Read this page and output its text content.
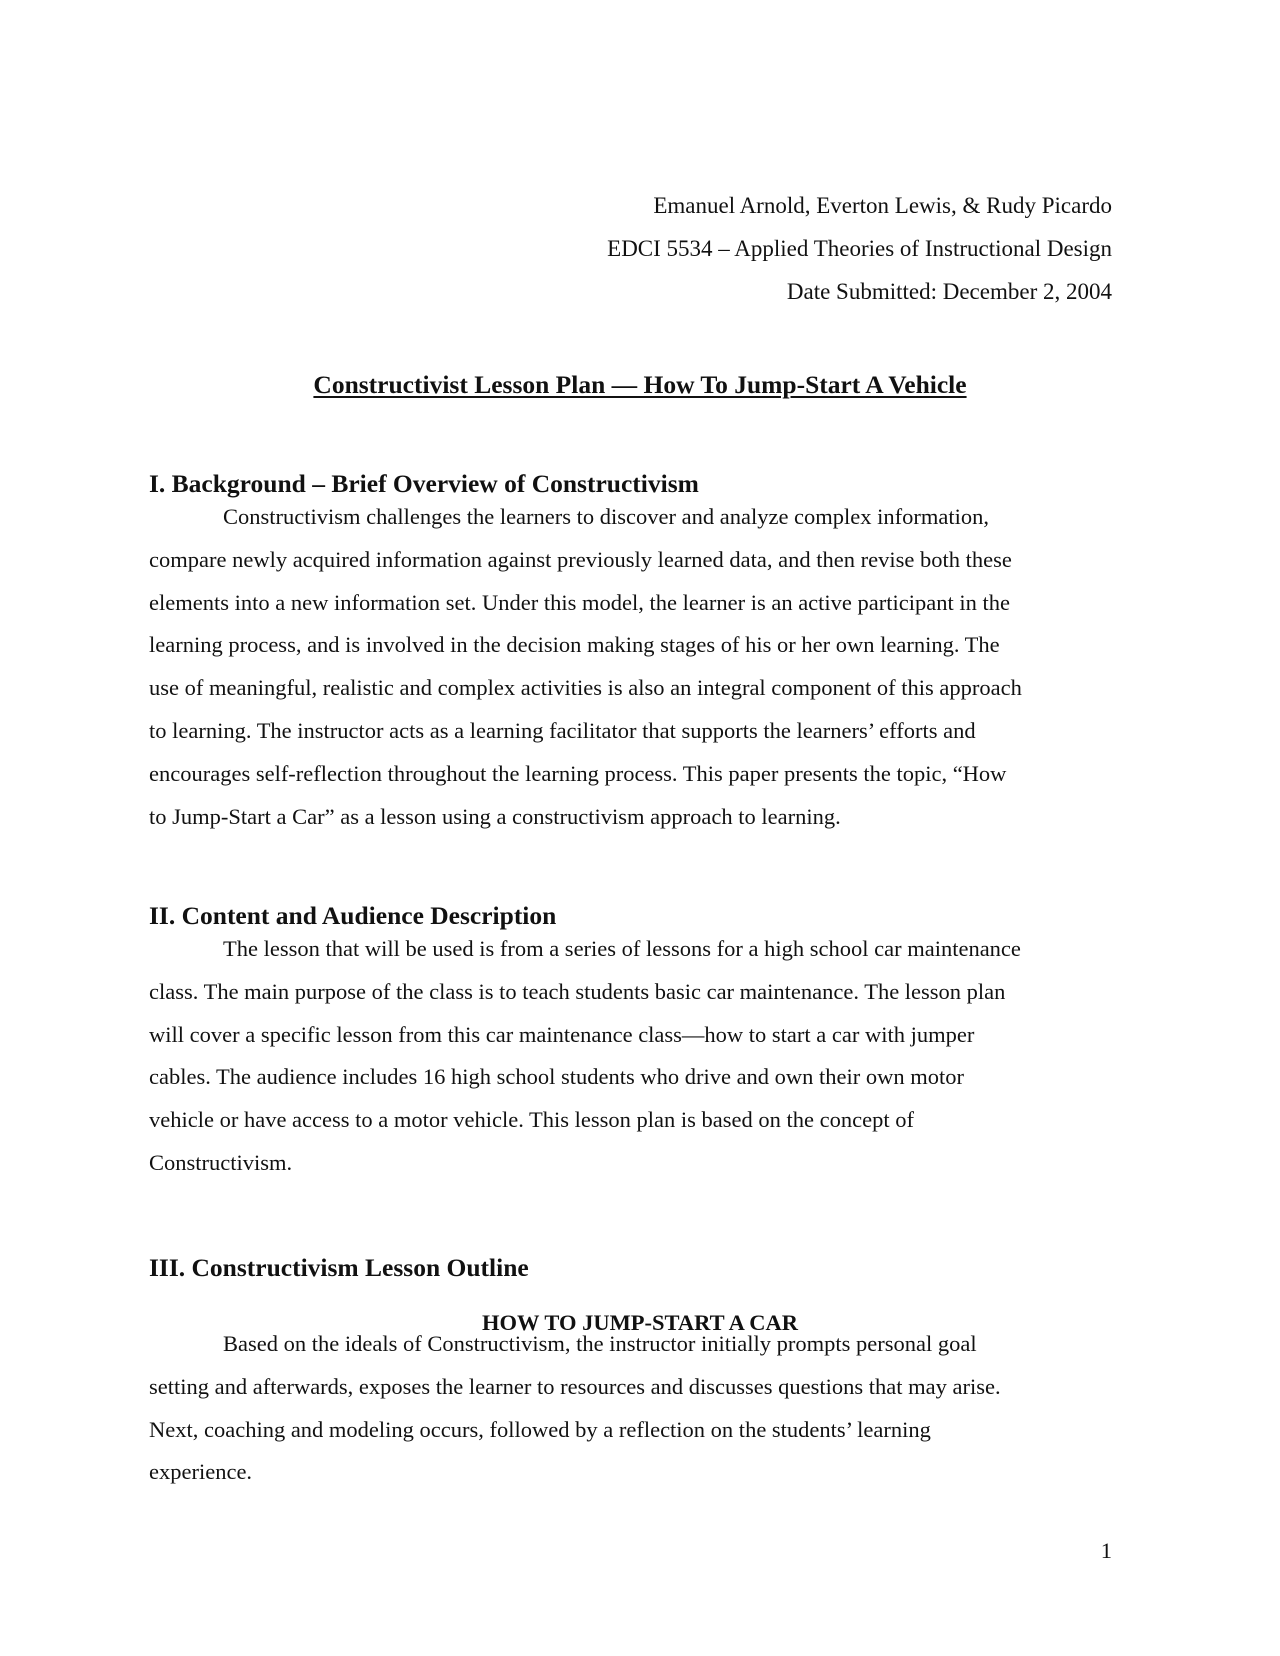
Emanuel Arnold, Everton Lewis, & Rudy Picardo
EDCI 5534 – Applied Theories of Instructional Design
Date Submitted: December 2, 2004
Constructivist Lesson Plan — How To Jump-Start A Vehicle
I. Background – Brief Overview of Constructivism
Constructivism challenges the learners to discover and analyze complex information,
compare newly acquired information against previously learned data, and then revise both these
elements into a new information set. Under this model, the learner is an active participant in the
learning process, and is involved in the decision making stages of his or her own learning. The
use of meaningful, realistic and complex activities is also an integral component of this approach
to learning. The instructor acts as a learning facilitator that supports the learners’ efforts and
encourages self-reflection throughout the learning process. This paper presents the topic, “How
to Jump-Start a Car” as a lesson using a constructivism approach to learning.
II. Content and Audience Description
The lesson that will be used is from a series of lessons for a high school car maintenance
class. The main purpose of the class is to teach students basic car maintenance. The lesson plan
will cover a specific lesson from this car maintenance class—how to start a car with jumper
cables. The audience includes 16 high school students who drive and own their own motor
vehicle or have access to a motor vehicle. This lesson plan is based on the concept of
Constructivism.
III. Constructivism Lesson Outline
HOW TO JUMP-START A CAR
Based on the ideals of Constructivism, the instructor initially prompts personal goal
setting and afterwards, exposes the learner to resources and discusses questions that may arise.
Next, coaching and modeling occurs, followed by a reflection on the students’ learning
experience.
1
